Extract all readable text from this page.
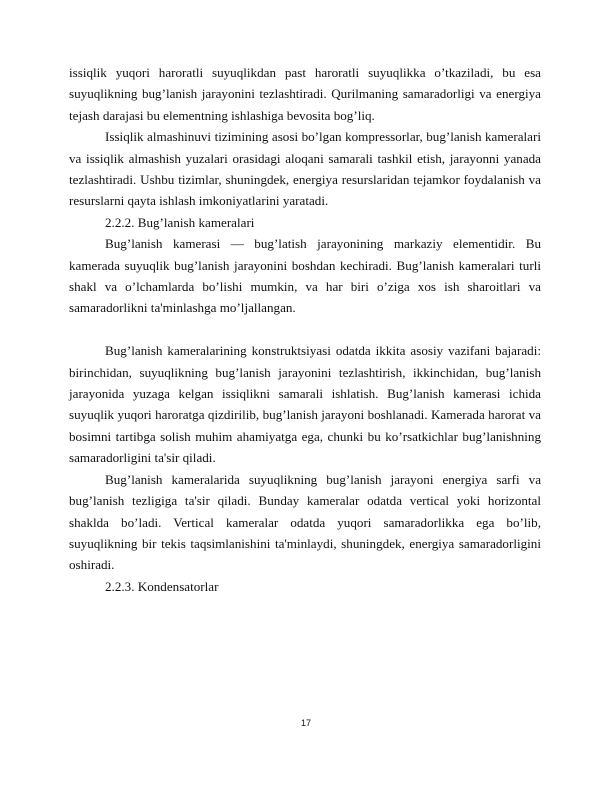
issiqlik yuqori haroratli suyuqlikdan past haroratli suyuqlikka o’tkaziladi, bu esa suyuqlikning bug’lanish jarayonini tezlashtiradi. Qurilmaning samaradorligi va energiya tejash darajasi bu elementning ishlashiga bevosita bog’liq.

Issiqlik almashinuvi tizimining asosi bo’lgan kompressorlar, bug’lanish kameralari va issiqlik almashish yuzalari orasidagi aloqani samarali tashkil etish, jarayonni yanada tezlashtiradi. Ushbu tizimlar, shuningdek, energiya resurslaridan tejamkor foydalanish va resurslarni qayta ishlash imkoniyatlarini yaratadi.

2.2.2. Bug’lanish kameralari

Bug’lanish kamerasi — bug’latish jarayonining markaziy elementidir. Bu kamerada suyuqlik bug’lanish jarayonini boshdan kechiradi. Bug’lanish kameralari turli shakl va o’lchamlarda bo’lishi mumkin, va har biri o’ziga xos ish sharoitlari va samaradorlikni ta'minlashga mo’ljallangan.

Bug’lanish kameralarining konstruktsiyasi odatda ikkita asosiy vazifani bajaradi: birinchidan, suyuqlikning bug’lanish jarayonini tezlashtirish, ikkinchidan, bug’lanish jarayonida yuzaga kelgan issiqlikni samarali ishlatish. Bug’lanish kamerasi ichida suyuqlik yuqori haroratga qizdirilib, bug’lanish jarayoni boshlanadi. Kamerada harorat va bosimni tartibga solish muhim ahamiyatga ega, chunki bu ko’rsatkichlar bug’lanishning samaradorligini ta'sir qiladi.

Bug’lanish kameralarida suyuqlikning bug’lanish jarayoni energiya sarfi va bug’lanish tezligiga ta'sir qiladi. Bunday kameralar odatda vertical yoki horizontal shaklda bo’ladi. Vertical kameralar odatda yuqori samaradorlikka ega bo’lib, suyuqlikning bir tekis taqsimlanishini ta'minlaydi, shuningdek, energiya samaradorligini oshiradi.

2.2.3. Kondensatorlar

17
